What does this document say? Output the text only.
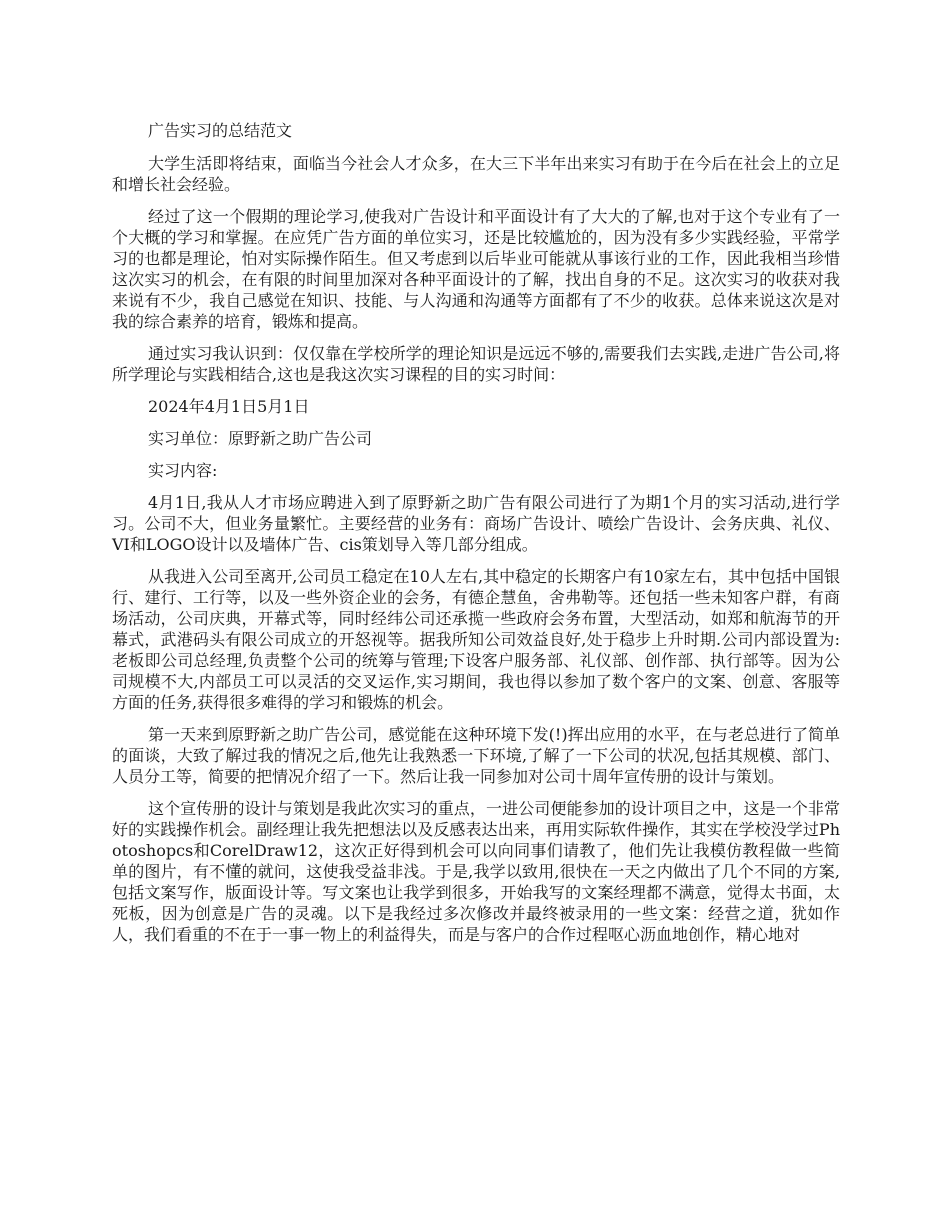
广告实习的总结范文

大学生活即将结束，面临当今社会人才众多，在大三下半年出来实习有助于在今后在社会上的立足和增长社会经验。

经过了这一个假期的理论学习,使我对广告设计和平面设计有了大大的了解,也对于这个专业有了一个大概的学习和掌握。在应凭广告方面的单位实习，还是比较尴尬的，因为没有多少实践经验，平常学习的也都是理论，怕对实际操作陌生。但又考虑到以后毕业可能就从事该行业的工作，因此我相当珍惜这次实习的机会，在有限的时间里加深对各种平面设计的了解，找出自身的不足。这次实习的收获对我来说有不少，我自己感觉在知识、技能、与人沟通和沟通等方面都有了不少的收获。总体来说这次是对我的综合素养的培育，锻炼和提高。

通过实习我认识到：仅仅靠在学校所学的理论知识是远远不够的,需要我们去实践,走进广告公司,将所学理论与实践相结合,这也是我这次实习课程的目的实习时间：

2024年4月1日5月1日

实习单位：原野新之助广告公司

实习内容:

4月1日,我从人才市场应聘进入到了原野新之助广告有限公司进行了为期1个月的实习活动,进行学习。公司不大，但业务量繁忙。主要经营的业务有：商场广告设计、喷绘广告设计、会务庆典、礼仪、VI和LOGO设计以及墙体广告、cis策划导入等几部分组成。

从我进入公司至离开,公司员工稳定在10人左右,其中稳定的长期客户有10家左右，其中包括中国银行、建行、工行等，以及一些外资企业的会务，有德企慧鱼，舍弗勒等。还包括一些未知客户群，有商场活动，公司庆典，开幕式等，同时经纬公司还承揽一些政府会务布置，大型活动，如郑和航海节的开幕式，武港码头有限公司成立的开怒视等。据我所知公司效益良好,处于稳步上升时期.公司内部设置为:老板即公司总经理,负责整个公司的统筹与管理;下设客户服务部、礼仪部、创作部、执行部等。因为公司规模不大,内部员工可以灵活的交叉运作,实习期间，我也得以参加了数个客户的文案、创意、客服等方面的任务,获得很多难得的学习和锻炼的机会。

第一天来到原野新之助广告公司，感觉能在这种环境下发(!)挥出应用的水平，在与老总进行了简单的面谈，大致了解过我的情况之后,他先让我熟悉一下环境,了解了一下公司的状况,包括其规模、部门、人员分工等，简要的把情况介绍了一下。然后让我一同参加对公司十周年宣传册的设计与策划。

这个宣传册的设计与策划是我此次实习的重点，一进公司便能参加的设计项目之中，这是一个非常好的实践操作机会。副经理让我先把想法以及反感表达出来，再用实际软件操作，其实在学校没学过Photoshopcs和CorelDraw12，这次正好得到机会可以向同事们请教了，他们先让我模仿教程做一些简单的图片，有不懂的就问，这使我受益非浅。于是,我学以致用,很快在一天之内做出了几个不同的方案,包括文案写作，版面设计等。写文案也让我学到很多，开始我写的文案经理都不满意，觉得太书面，太死板，因为创意是广告的灵魂。以下是我经过多次修改并最终被录用的一些文案：经营之道，犹如作人，我们看重的不在于一事一物上的利益得失，而是与客户的合作过程呕心沥血地创作，精心地对
